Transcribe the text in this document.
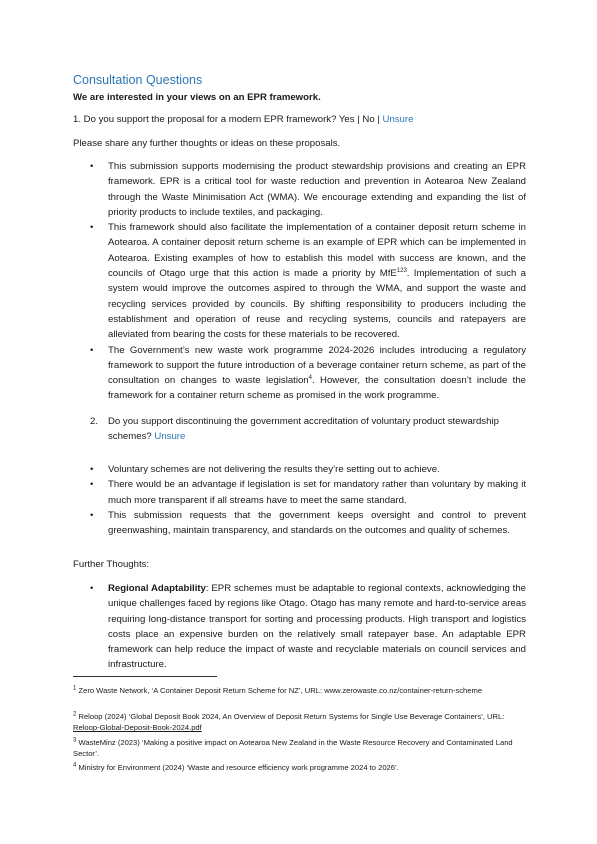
Consultation Questions
We are interested in your views on an EPR framework.
1. Do you support the proposal for a modern EPR framework? Yes | No | Unsure
Please share any further thoughts or ideas on these proposals.
• This submission supports modernising the product stewardship provisions and creating an EPR framework. EPR is a critical tool for waste reduction and prevention in Aotearoa New Zealand through the Waste Minimisation Act (WMA). We encourage extending and expanding the list of priority products to include textiles, and packaging.
• This framework should also facilitate the implementation of a container deposit return scheme in Aotearoa. A container deposit return scheme is an example of EPR which can be implemented in Aotearoa. Existing examples of how to establish this model with success are known, and the councils of Otago urge that this action is made a priority by MfE$^{123}$. Implementation of such a system would improve the outcomes aspired to through the WMA, and support the waste and recycling services provided by councils. By shifting responsibility to producers including the establishment and operation of reuse and recycling systems, councils and ratepayers are alleviated from bearing the costs for these materials to be recovered.
• The Government’s new waste work programme 2024-2026 includes introducing a regulatory framework to support the future introduction of a beverage container return scheme, as part of the consultation on changes to waste legislation$^4$. However, the consultation doesn’t include the framework for a container return scheme as promised in the work programme.
2.	Do you support discontinuing the government accreditation of voluntary product stewardship schemes? Unsure
• Voluntary schemes are not delivering the results they’re setting out to achieve.
• There would be an advantage if legislation is set for mandatory rather than voluntary by making it much more transparent if all streams have to meet the same standard.
• This submission requests that the government keeps oversight and control to prevent greenwashing, maintain transparency, and standards on the outcomes and quality of schemes.
Further Thoughts:
• Regional Adaptability: EPR schemes must be adaptable to regional contexts, acknowledging the unique challenges faced by regions like Otago. Otago has many remote and hard-to-service areas requiring long-distance transport for sorting and processing products. High transport and logistics costs place an expensive burden on the relatively small ratepayer base. An adaptable EPR framework can help reduce the impact of waste and recyclable materials on council services and infrastructure.
$^1$ Zero Waste Network, ‘A Container Deposit Return Scheme for NZ’, URL: www.zerowaste.co.nz/container-return-scheme
$^2$ Reloop (2024) ‘Global Deposit Book 2024, An Overview of Deposit Return Systems for Single Use Beverage Containers’, URL: Reloop-Global-Deposit-Book-2024.pdf
$^3$ WasteMinz (2023) ‘Making a positive impact on Aotearoa New Zealand in the Waste Resource Recovery and Contaminated Land Sector’.
$^4$ Ministry for Environment (2024) ‘Waste and resource efficiency work programme 2024 to 2026’.
